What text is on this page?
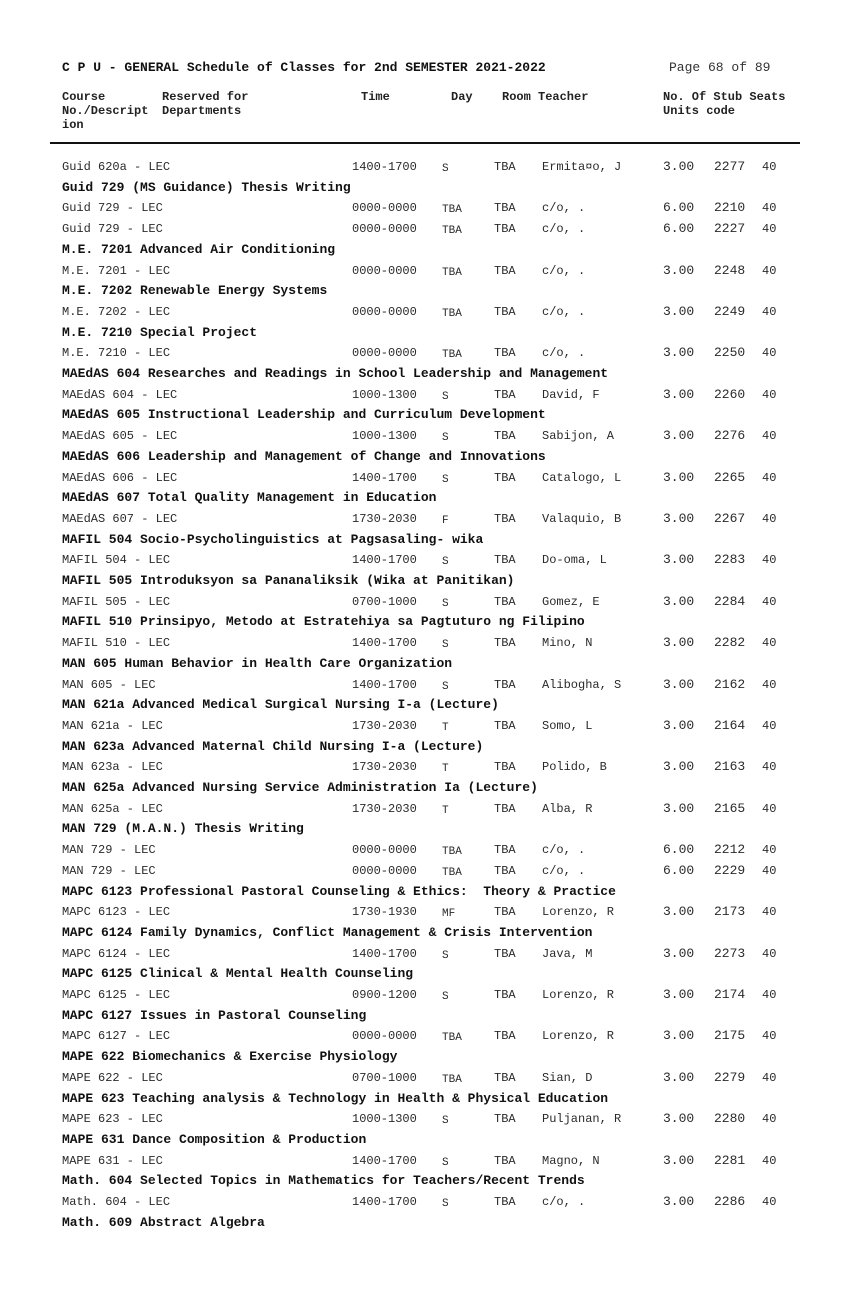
C P U - GENERAL Schedule of Classes for 2nd SEMESTER 2021-2022	Page 68 of 89
Course
No./Descript
ion
Reserved for
Departments
Time	Day Room Teacher	No. Of Stub Seats
Units code
Guid 620a - LEC	1400-1700 S	TBA Ermita¤o, J	3.00 2277 40
Guid 729 (MS Guidance) Thesis Writing
Guid 729 - LEC	0000-0000 TBA	TBA c/o, .	6.00 2210 40
Guid 729 - LEC	0000-0000 TBA	TBA c/o, .	6.00 2227 40
M.E. 7201 Advanced Air Conditioning
M.E. 7201 - LEC	0000-0000 TBA	TBA c/o, .	3.00 2248 40
M.E. 7202 Renewable Energy Systems
M.E. 7202 - LEC	0000-0000 TBA	TBA c/o, .	3.00 2249 40
M.E. 7210 Special Project
M.E. 7210 - LEC	0000-0000 TBA	TBA c/o, .	3.00 2250 40
MAEdAS 604 Researches and Readings in School Leadership and Management
MAEdAS 604 - LEC	1000-1300 S	TBA David, F	3.00 2260 40
MAEdAS 605 Instructional Leadership and Curriculum Development
MAEdAS 605 - LEC	1000-1300 S	TBA Sabijon, A	3.00 2276 40
MAEdAS 606 Leadership and Management of Change and Innovations
MAEdAS 606 - LEC	1400-1700 S	TBA Catalogo, L	3.00 2265 40
MAEdAS 607 Total Quality Management in Education
MAEdAS 607 - LEC	1730-2030 F	TBA Valaquio, B	3.00 2267 40
MAFIL 504 Socio-Psycholinguistics at Pagsasaling- wika
MAFIL 504 - LEC	1400-1700 S	TBA Do-oma, L	3.00 2283 40
MAFIL 505 Introduksyon sa Pananaliksik (Wika at Panitikan)
MAFIL 505 - LEC	0700-1000 S	TBA Gomez, E	3.00 2284 40
MAFIL 510 Prinsipyo, Metodo at Estratehiya sa Pagtuturo ng Filipino
MAFIL 510 - LEC	1400-1700 S	TBA Mino, N	3.00 2282 40
MAN 605 Human Behavior in Health Care Organization
MAN 605 - LEC	1400-1700 S	TBA Alibogha, S	3.00 2162 40
MAN 621a Advanced Medical Surgical Nursing I-a (Lecture)
MAN 621a - LEC	1730-2030 T	TBA Somo, L	3.00 2164 40
MAN 623a Advanced Maternal Child Nursing I-a (Lecture)
MAN 623a - LEC	1730-2030 T	TBA Polido, B	3.00 2163 40
MAN 625a Advanced Nursing Service Administration Ia (Lecture)
MAN 625a - LEC	1730-2030 T	TBA Alba, R	3.00 2165 40
MAN 729 (M.A.N.) Thesis Writing
MAN 729 - LEC	0000-0000 TBA	TBA c/o, .	6.00 2212 40
MAN 729 - LEC	0000-0000 TBA	TBA c/o, .	6.00 2229 40
MAPC 6123 Professional Pastoral Counseling & Ethics:  Theory & Practice
MAPC 6123 - LEC	1730-1930 MF	TBA Lorenzo, R	3.00 2173 40
MAPC 6124 Family Dynamics, Conflict Management & Crisis Intervention
MAPC 6124 - LEC	1400-1700 S	TBA Java, M	3.00 2273 40
MAPC 6125 Clinical & Mental Health Counseling
MAPC 6125 - LEC	0900-1200 S	TBA Lorenzo, R	3.00 2174 40
MAPC 6127 Issues in Pastoral Counseling
MAPC 6127 - LEC	0000-0000 TBA	TBA Lorenzo, R	3.00 2175 40
MAPE 622 Biomechanics & Exercise Physiology
MAPE 622 - LEC	0700-1000 TBA	TBA Sian, D	3.00 2279 40
MAPE 623 Teaching analysis & Technology in Health & Physical Education
MAPE 623 - LEC	1000-1300 S	TBA Puljanan, R	3.00 2280 40
MAPE 631 Dance Composition & Production
MAPE 631 - LEC	1400-1700 S	TBA Magno, N	3.00 2281 40
Math. 604 Selected Topics in Mathematics for Teachers/Recent Trends
Math. 604 - LEC	1400-1700 S	TBA c/o, .	3.00 2286 40
Math. 609 Abstract Algebra
